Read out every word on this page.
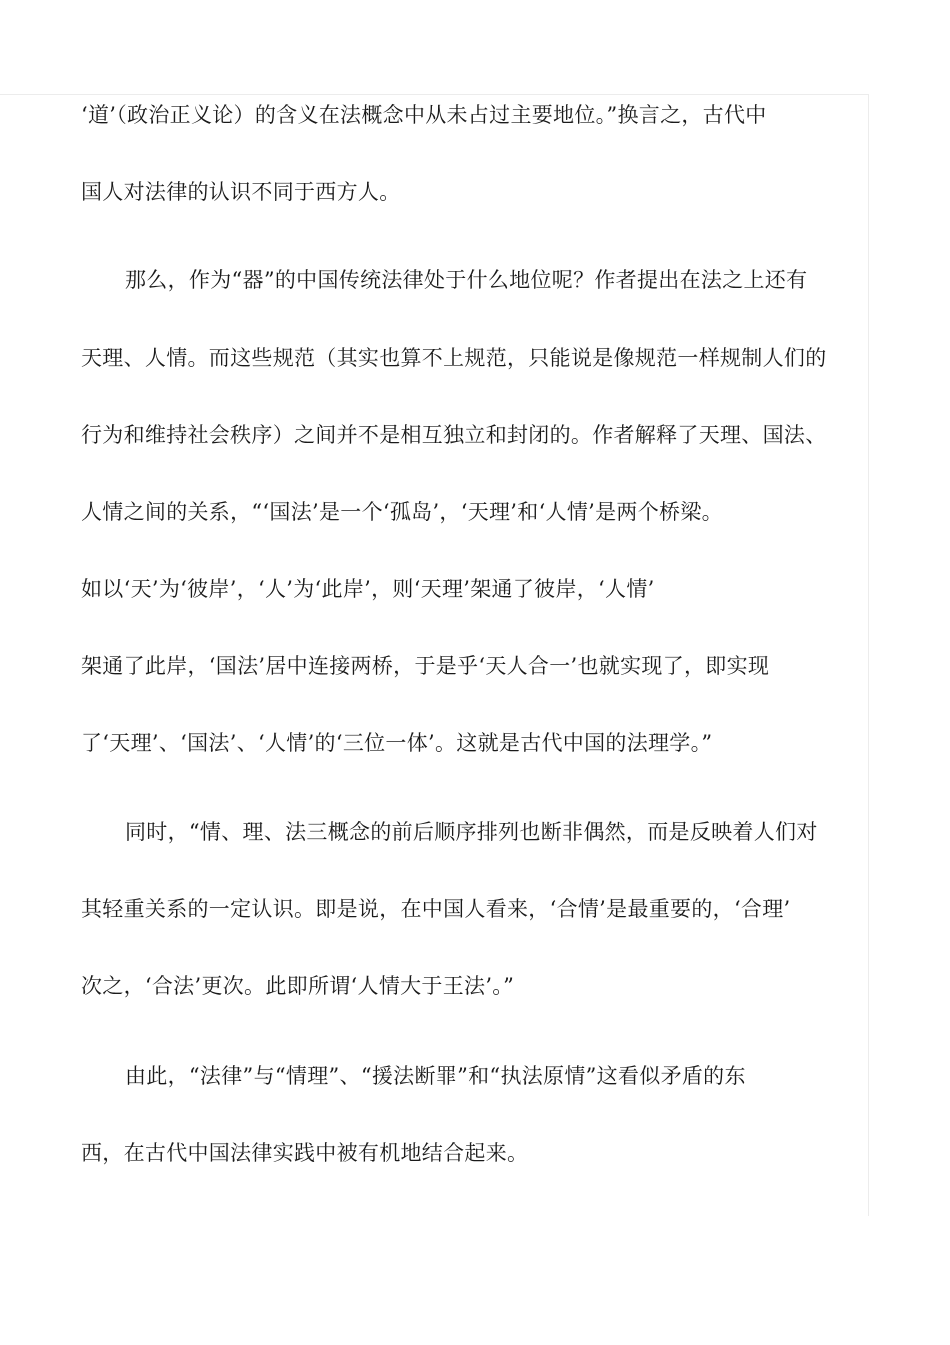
‘道’（政治正义论）的含义在法概念中从未占过主要地位。”换言之，古代中
国人对法律的认识不同于西方人。
那么，作为“器”的中国传统法律处于什么地位呢？作者提出在法之上还有
天理、人情。而这些规范（其实也算不上规范，只能说是像规范一样规制人们的
行为和维持社会秩序）之间并不是相互独立和封闭的。作者解释了天理、国法、
人情之间的关系，“‘国法’是一个‘孤岛’，‘天理’和‘人情’是两个桥梁。
如以‘天’为‘彼岸’，‘人’为‘此岸’，则‘天理’架通了彼岸，‘人情’
架通了此岸，‘国法’居中连接两桥，于是乎‘天人合一’也就实现了，即实现
了‘天理’、‘国法’、‘人情’的‘三位一体’。这就是古代中国的法理学。”
同时，“情、理、法三概念的前后顺序排列也断非偶然，而是反映着人们对
其轻重关系的一定认识。即是说，在中国人看来，‘合情’是最重要的，‘合理’
次之，‘合法’更次。此即所谓‘人情大于王法’。”
由此，“法律”与“情理”、“援法断罪”和“执法原情”这看似矛盾的东
西，在古代中国法律实践中被有机地结合起来。
